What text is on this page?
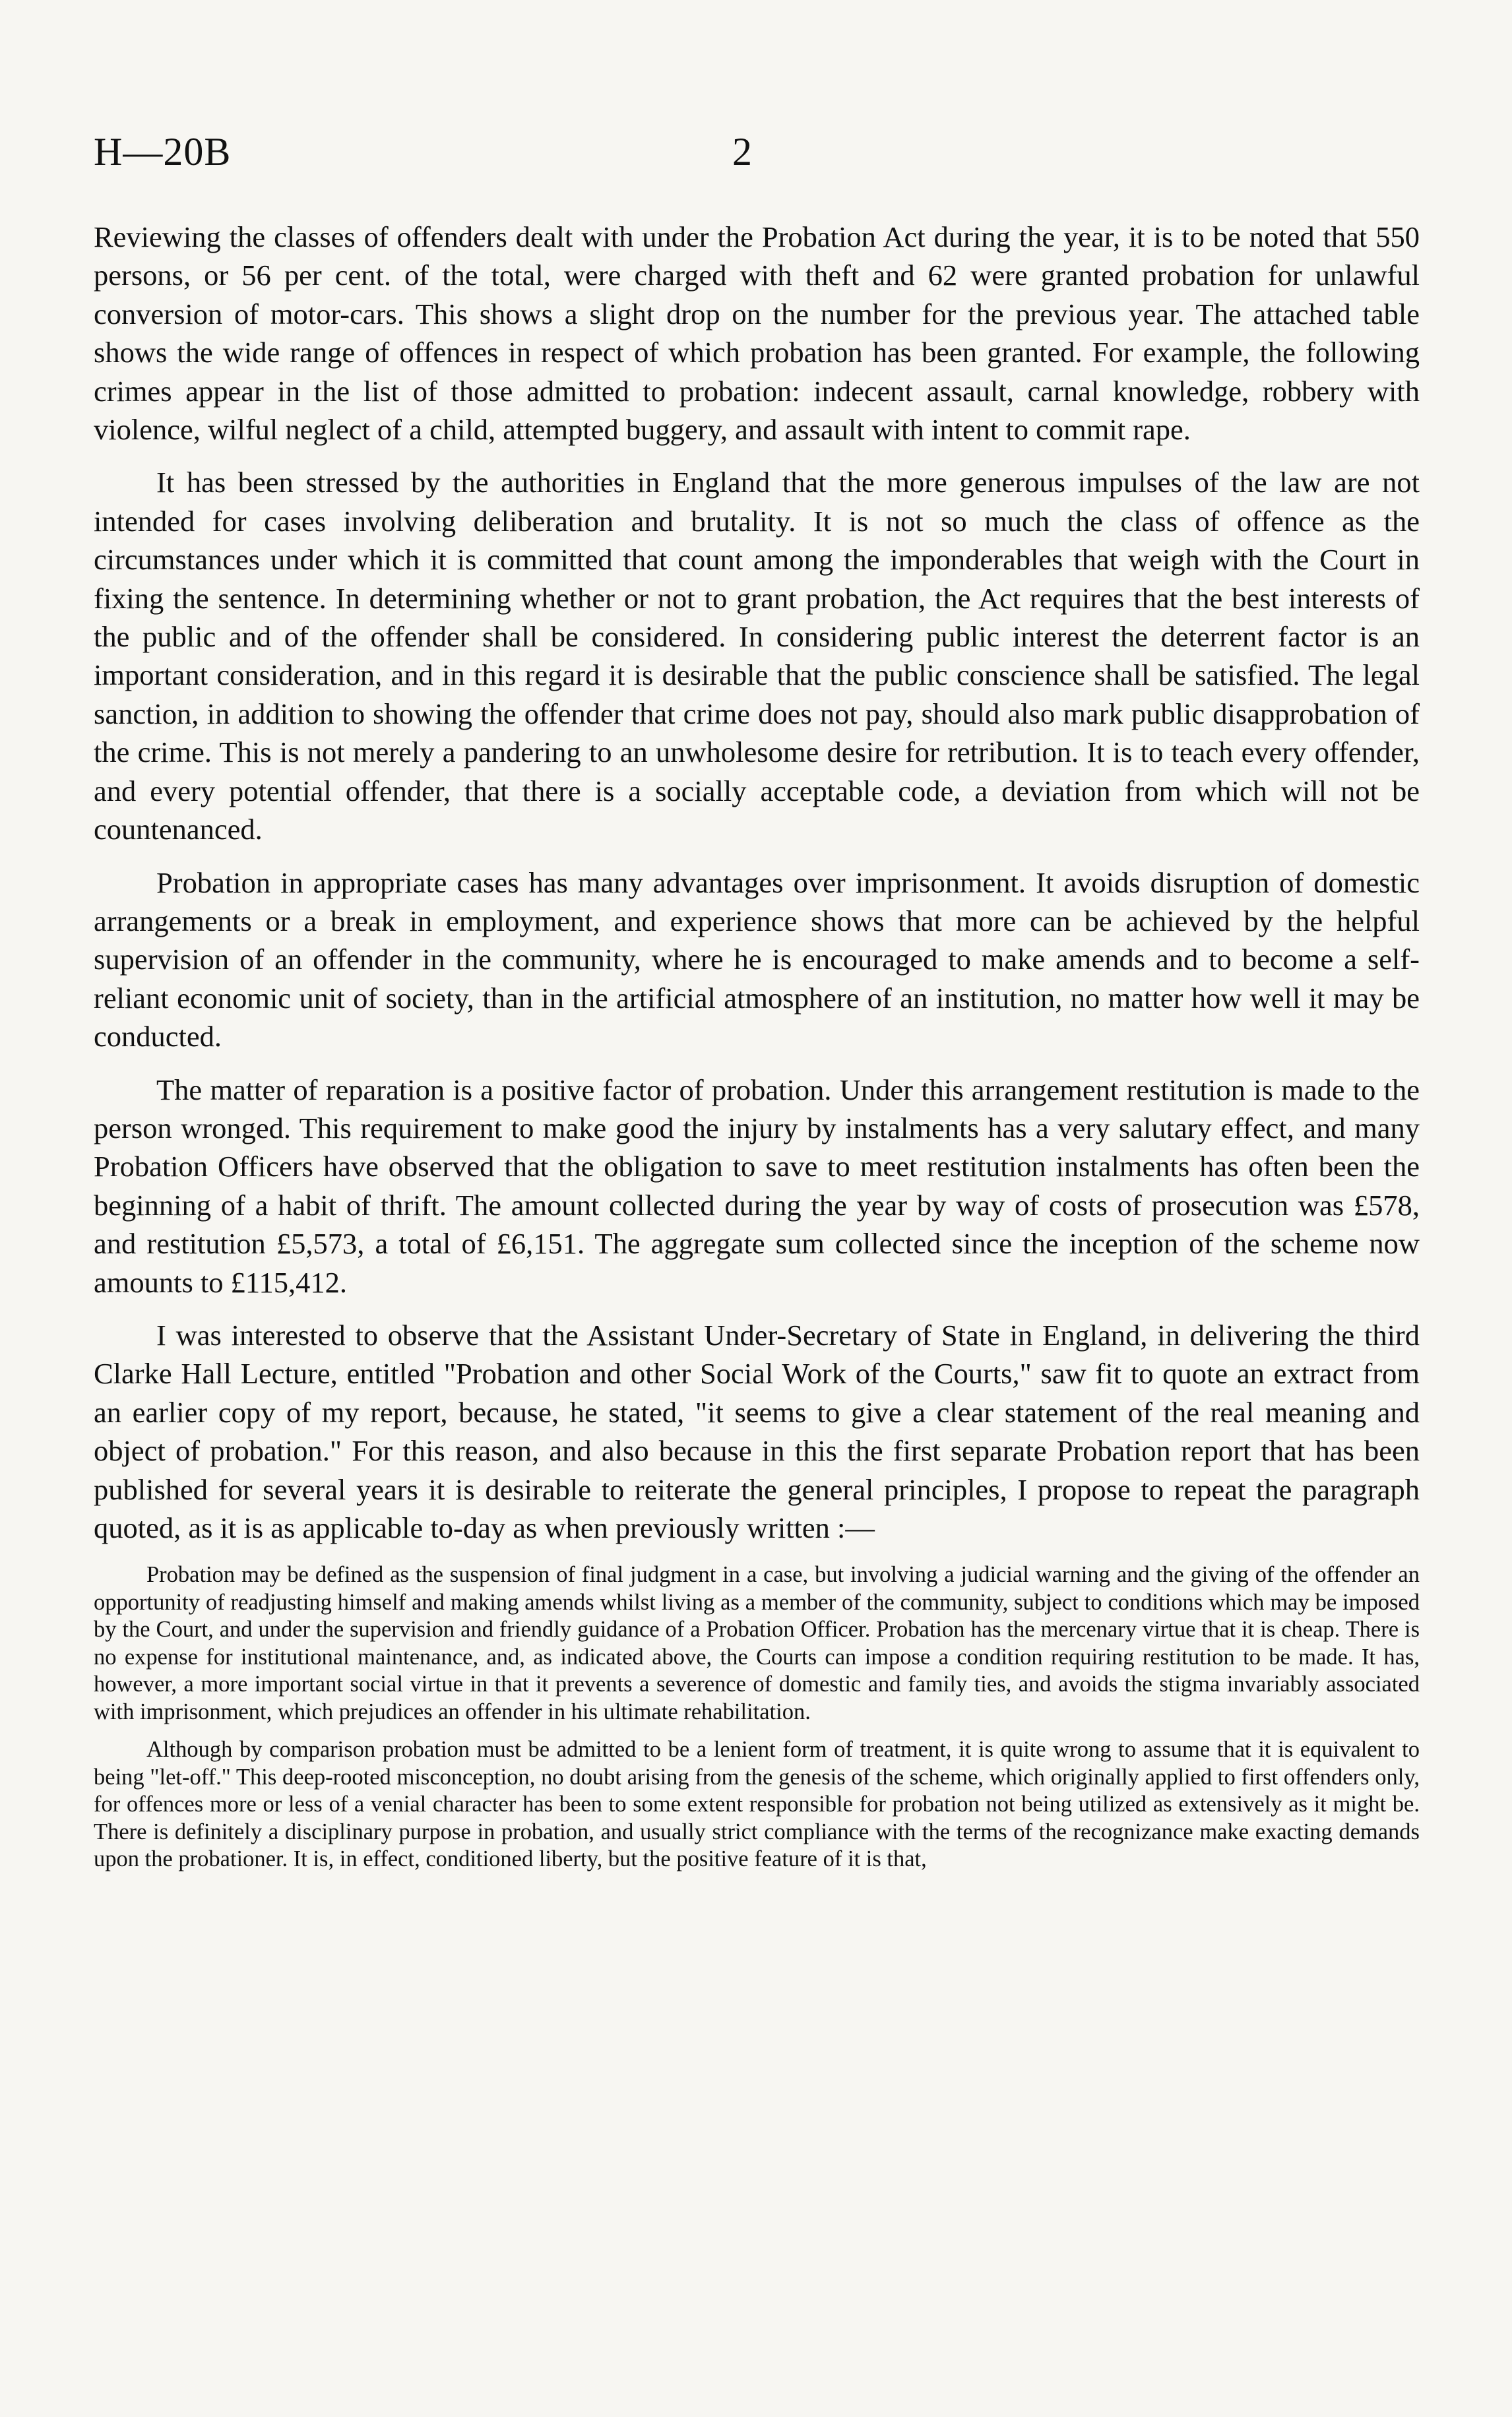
H—20B	2

Reviewing the classes of offenders dealt with under the Probation Act during the year, it is to be noted that 550 persons, or 56 per cent. of the total, were charged with theft and 62 were granted probation for unlawful conversion of motor-cars. This shows a slight drop on the number for the previous year. The attached table shows the wide range of offences in respect of which probation has been granted. For example, the following crimes appear in the list of those admitted to probation: indecent assault, carnal knowledge, robbery with violence, wilful neglect of a child, attempted buggery, and assault with intent to commit rape.

It has been stressed by the authorities in England that the more generous impulses of the law are not intended for cases involving deliberation and brutality. It is not so much the class of offence as the circumstances under which it is committed that count among the imponderables that weigh with the Court in fixing the sentence. In determining whether or not to grant probation, the Act requires that the best interests of the public and of the offender shall be considered. In considering public interest the deterrent factor is an important consideration, and in this regard it is desirable that the public conscience shall be satisfied. The legal sanction, in addition to showing the offender that crime does not pay, should also mark public disapprobation of the crime. This is not merely a pandering to an unwholesome desire for retribution. It is to teach every offender, and every potential offender, that there is a socially acceptable code, a deviation from which will not be countenanced.

Probation in appropriate cases has many advantages over imprisonment. It avoids disruption of domestic arrangements or a break in employment, and experience shows that more can be achieved by the helpful supervision of an offender in the community, where he is encouraged to make amends and to become a self-reliant economic unit of society, than in the artificial atmosphere of an institution, no matter how well it may be conducted.

The matter of reparation is a positive factor of probation. Under this arrangement restitution is made to the person wronged. This requirement to make good the injury by instalments has a very salutary effect, and many Probation Officers have observed that the obligation to save to meet restitution instalments has often been the beginning of a habit of thrift. The amount collected during the year by way of costs of prosecution was £578, and restitution £5,573, a total of £6,151. The aggregate sum collected since the inception of the scheme now amounts to £115,412.

I was interested to observe that the Assistant Under-Secretary of State in England, in delivering the third Clarke Hall Lecture, entitled "Probation and other Social Work of the Courts," saw fit to quote an extract from an earlier copy of my report, because, he stated, "it seems to give a clear statement of the real meaning and object of probation." For this reason, and also because in this the first separate Probation report that has been published for several years it is desirable to reiterate the general principles, I propose to repeat the paragraph quoted, as it is as applicable to-day as when previously written :—

Probation may be defined as the suspension of final judgment in a case, but involving a judicial warning and the giving of the offender an opportunity of readjusting himself and making amends whilst living as a member of the community, subject to conditions which may be imposed by the Court, and under the supervision and friendly guidance of a Probation Officer. Probation has the mercenary virtue that it is cheap. There is no expense for institutional maintenance, and, as indicated above, the Courts can impose a condition requiring restitution to be made. It has, however, a more important social virtue in that it prevents a severence of domestic and family ties, and avoids the stigma invariably associated with imprisonment, which prejudices an offender in his ultimate rehabilitation.

Although by comparison probation must be admitted to be a lenient form of treatment, it is quite wrong to assume that it is equivalent to being "let-off." This deep-rooted misconception, no doubt arising from the genesis of the scheme, which originally applied to first offenders only, for offences more or less of a venial character has been to some extent responsible for probation not being utilized as extensively as it might be. There is definitely a disciplinary purpose in probation, and usually strict compliance with the terms of the recognizance make exacting demands upon the probationer. It is, in effect, conditioned liberty, but the positive feature of it is that,
